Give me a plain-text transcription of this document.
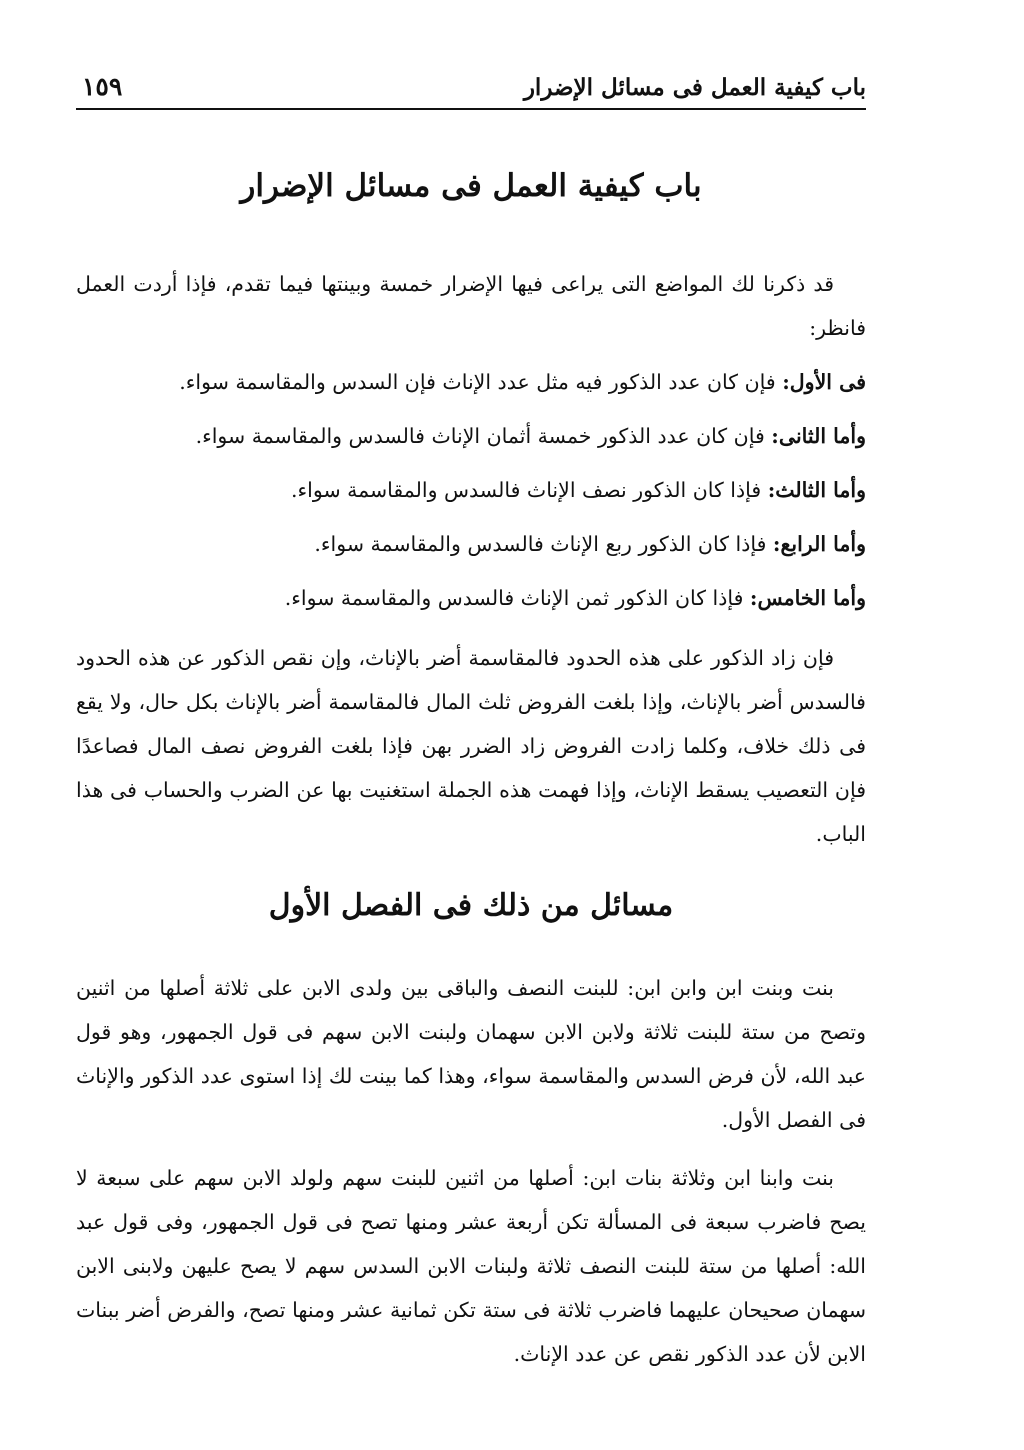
باب كيفية العمل فى مسائل الإضرار
١٥٩
باب كيفية العمل فى مسائل الإضرار

قد ذكرنا لك المواضع التى يراعى فيها الإضرار خمسة وبينتها فيما تقدم، فإذا أردت العمل فانظر:

فى الأول: فإن كان عدد الذكور فيه مثل عدد الإناث فإن السدس والمقاسمة سواء.
وأما الثانى: فإن كان عدد الذكور خمسة أثمان الإناث فالسدس والمقاسمة سواء.
وأما الثالث: فإذا كان الذكور نصف الإناث فالسدس والمقاسمة سواء.
وأما الرابع: فإذا كان الذكور ربع الإناث فالسدس والمقاسمة سواء.
وأما الخامس: فإذا كان الذكور ثمن الإناث فالسدس والمقاسمة سواء.

فإن زاد الذكور على هذه الحدود فالمقاسمة أضر بالإناث، وإن نقص الذكور عن هذه الحدود فالسدس أضر بالإناث، وإذا بلغت الفروض ثلث المال فالمقاسمة أضر بالإناث بكل حال، ولا يقع فى ذلك خلاف، وكلما زادت الفروض زاد الضرر بهن فإذا بلغت الفروض نصف المال فصاعدًا فإن التعصيب يسقط الإناث، وإذا فهمت هذه الجملة استغنيت بها عن الضرب والحساب فى هذا الباب.

مسائل من ذلك فى الفصل الأول

بنت وبنت ابن وابن ابن: للبنت النصف والباقى بين ولدى الابن على ثلاثة أصلها من اثنين وتصح من ستة للبنت ثلاثة ولابن الابن سهمان ولبنت الابن سهم فى قول الجمهور، وهو قول عبد الله، لأن فرض السدس والمقاسمة سواء، وهذا كما بينت لك إذا استوى عدد الذكور والإناث فى الفصل الأول.

بنت وابنا ابن وثلاثة بنات ابن: أصلها من اثنين للبنت سهم ولولد الابن سهم على سبعة لا يصح فاضرب سبعة فى المسألة تكن أربعة عشر ومنها تصح فى قول الجمهور، وفى قول عبد الله: أصلها من ستة للبنت النصف ثلاثة ولبنات الابن السدس سهم لا يصح عليهن ولابنى الابن سهمان صحيحان عليهما فاضرب ثلاثة فى ستة تكن ثمانية عشر ومنها تصح، والفرض أضر ببنات الابن لأن عدد الذكور نقص عن عدد الإناث.
